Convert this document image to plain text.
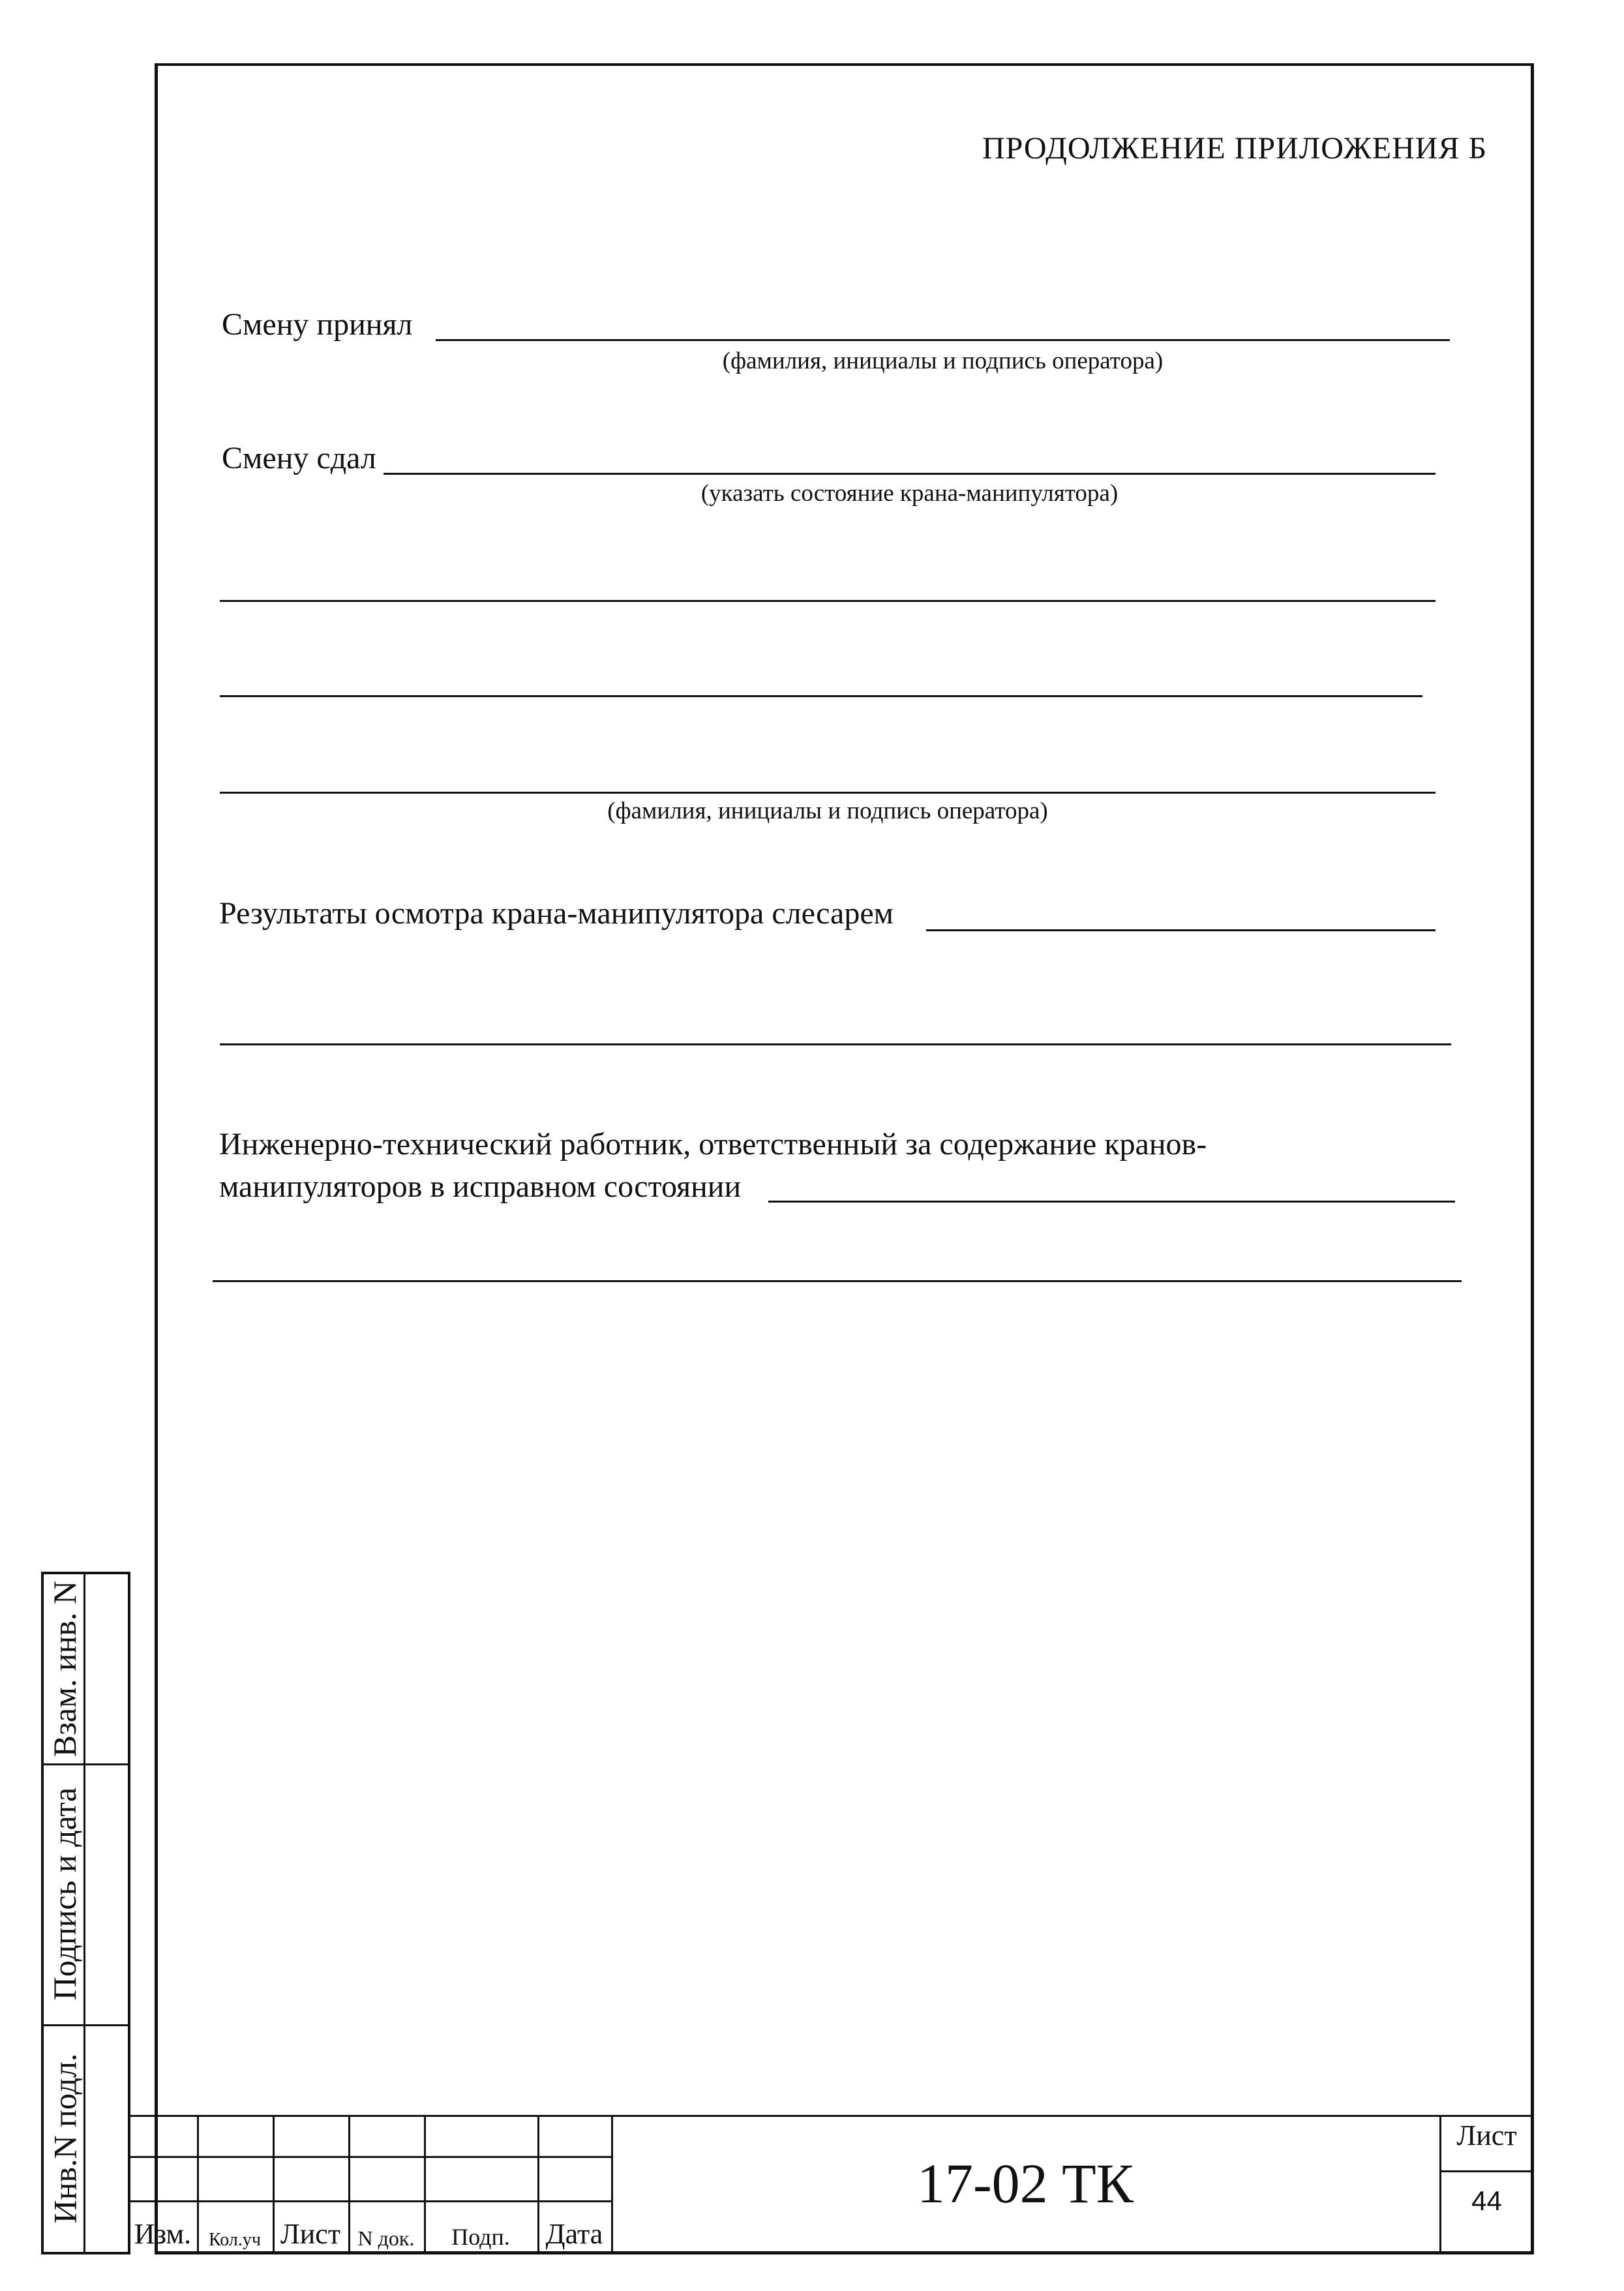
ПРОДОЛЖЕНИЕ ПРИЛОЖЕНИЯ Б
Смену принял
(фамилия, инициалы и подпись оператора)
Смену сдал
(указать состояние крана-манипулятора)
(фамилия, инициалы и подпись оператора)
Результаты осмотра крана-манипулятора слесарем
Инженерно-технический работник, ответственный за содержание кранов-
манипуляторов в исправном состоянии
Взам. инв. N
Подпись и дата
Инв.N подл.
Изм. Кол.уч Лист N док.	Подп.	Дата
17-02 ТК
Лист
44
